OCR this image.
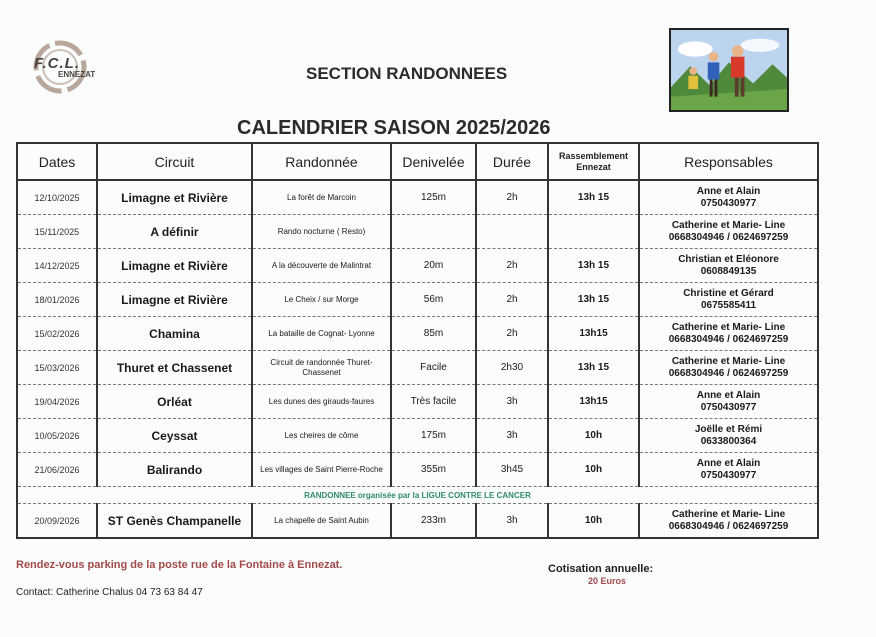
F.C.L.
ENNEZAT	SECTION RANDONNEES
CALENDRIER SAISON 2025/2026
Dates	Circuit	Randonnée	Denivelée	Durée	Rassemblement Ennezat	Responsables
12/10/2025	Limagne et Rivière	La forêt de Marcoin	125m	2h	13h 15	Anne et Alain
0750430977

15/11/2025	A définir	Rando nocturne ( Resto)				Catherine et Marie- Line
0668304946 / 0624697259

14/12/2025	Limagne et Rivière	A la découverte de Malintrat	20m	2h	13h 15	Christian et Eléonore
0608849135

18/01/2026	Limagne et Rivière	Le Cheix / sur Morge	56m	2h	13h 15	Christine et Gérard
0675585411

15/02/2026	Chamina	La bataille de Cognat- Lyonne	85m	2h	13h15	Catherine et Marie- Line
0668304946 / 0624697259

15/03/2026	Thuret et Chassenet	Circuit de randonnée Thuret-Chassenet	Facile	2h30	13h 15	Catherine et Marie- Line
0668304946 / 0624697259

19/04/2026	Orléat	Les dunes des girauds-faures	Très facile	3h	13h15	Anne et Alain
0750430977

10/05/2026	Ceyssat	Les cheires de côme	175m	3h	10h	Joëlle et Rémi
0633800364

21/06/2026	Balirando	Les villages de Saint Pierre-Roche	355m	3h45	10h	Anne et Alain
0750430977

RANDONNEE organisée par la LIGUE CONTRE LE CANCER						
20/09/2026	ST Genès Champanelle	La chapelle de Saint Aubin	233m	3h	10h	Catherine et Marie- Line
0668304946 / 0624697259
Rendez-vous parking de la poste rue de la Fontaine à Ennezat.	Cotisation annuelle:
20 Euros
Contact: Catherine Chalus 04 73 63 84 47
